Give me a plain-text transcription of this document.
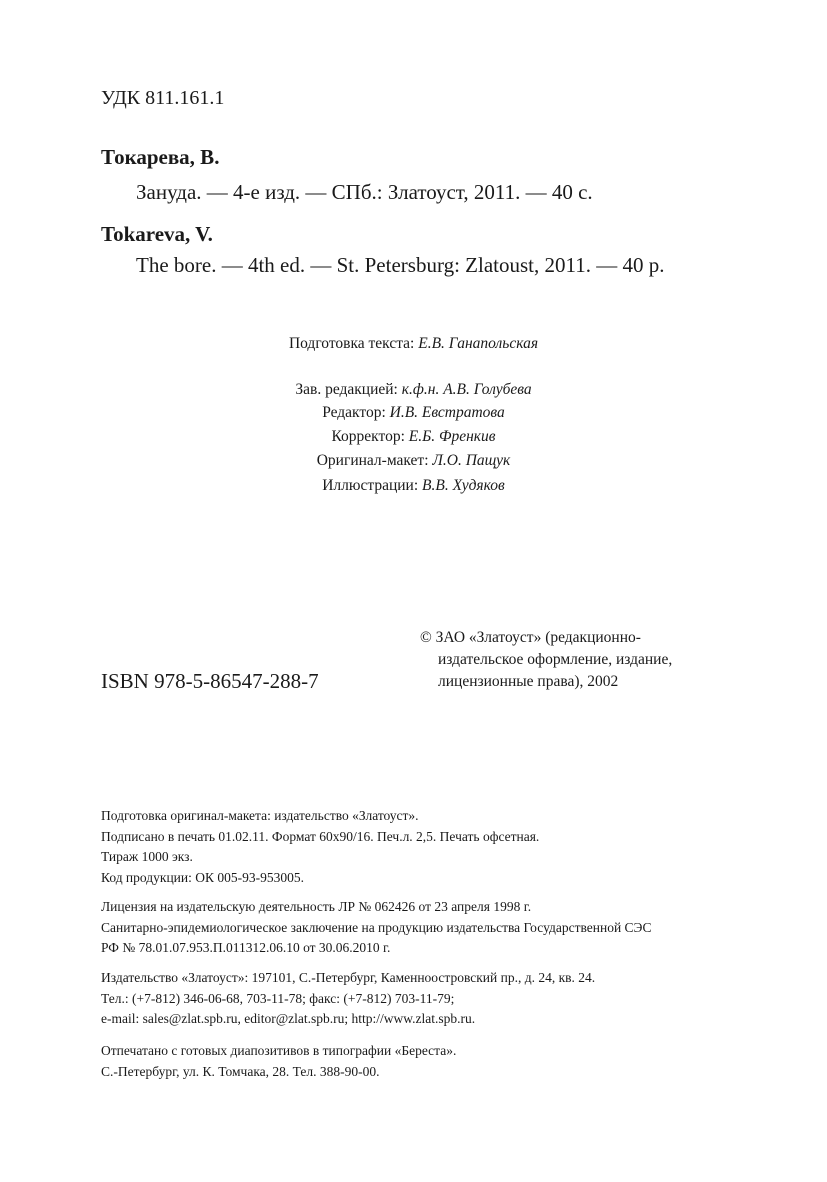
УДК 811.161.1
Токарева, В.
Зануда. — 4-е изд. — СПб.: Златоуст, 2011. — 40 с.
Tokareva, V.
The bore. — 4th ed. — St. Petersburg: Zlatoust, 2011. — 40 p.
Подготовка текста: Е.В. Ганапольская
Зав. редакцией: к.ф.н. А.В. Голубева
Редактор: И.В. Евстратова
Корректор: Е.Б. Френкив
Оригинал-макет: Л.О. Пащук
Иллюстрации: В.В. Худяков
© ЗАО «Златоуст» (редакционно-
издательское оформление, издание,
лицензионные права), 2002
ISBN 978-5-86547-288-7
Подготовка оригинал-макета: издательство «Златоуст».
Подписано в печать 01.02.11. Формат 60х90/16. Печ.л. 2,5. Печать офсетная.
Тираж 1000 экз.
Код продукции: ОК 005-93-953005.
Лицензия на издательскую деятельность ЛР № 062426 от 23 апреля 1998 г.
Санитарно-эпидемиологическое заключение на продукцию издательства Государственной СЭС
РФ № 78.01.07.953.П.011312.06.10 от 30.06.2010 г.
Издательство «Златоуст»: 197101, С.-Петербург, Каменноостровский пр., д. 24, кв. 24.
Тел.: (+7-812) 346-06-68, 703-11-78; факс: (+7-812) 703-11-79;
e-mail: sales@zlat.spb.ru, editor@zlat.spb.ru; http://www.zlat.spb.ru.
Отпечатано с готовых диапозитивов в типографии «Береста».
С.-Петербург, ул. К. Томчака, 28. Тел. 388-90-00.
